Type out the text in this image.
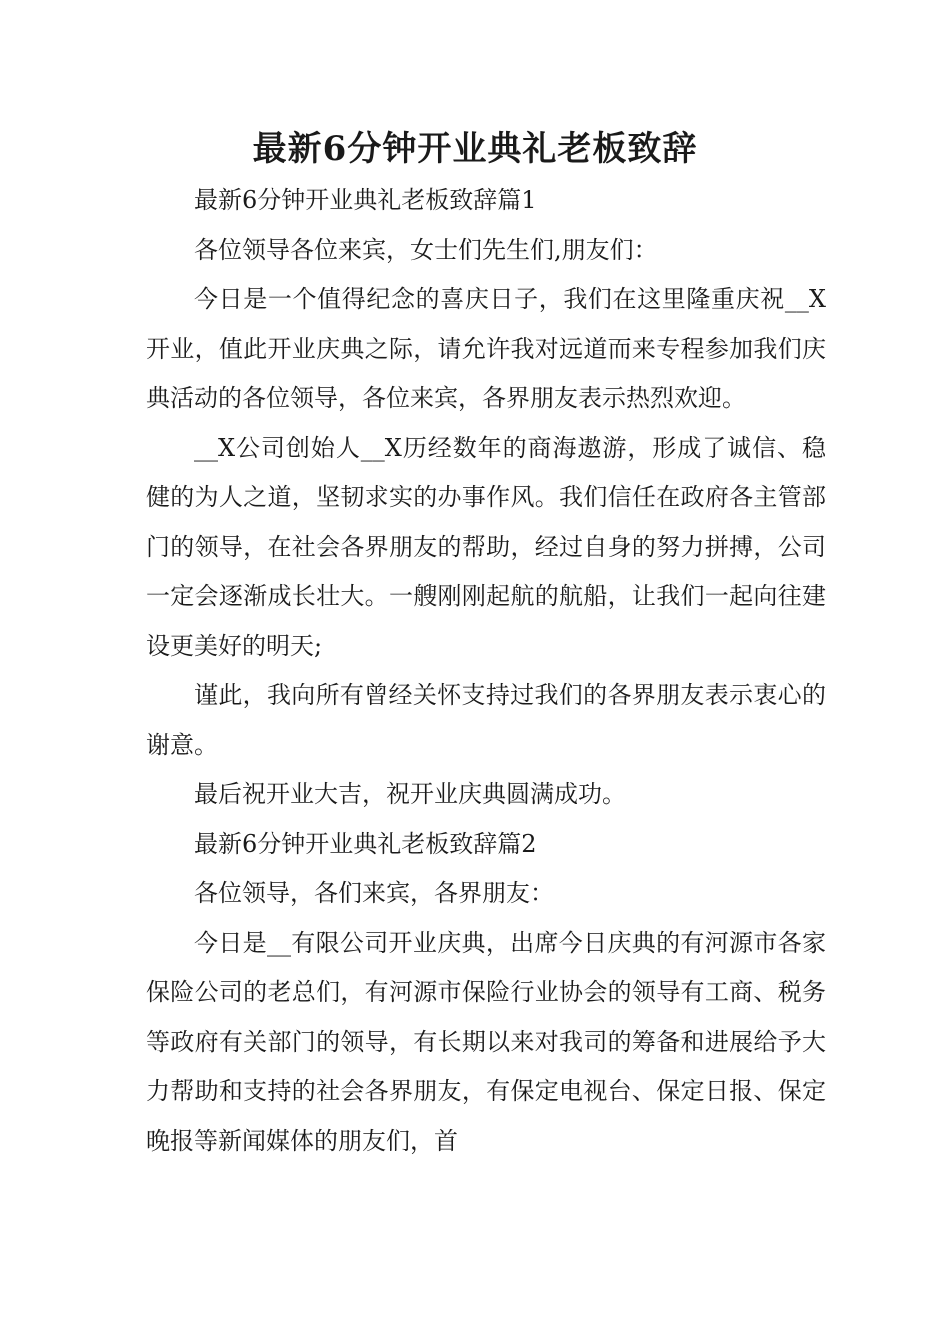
最新6分钟开业典礼老板致辞

最新6分钟开业典礼老板致辞篇1

各位领导各位来宾，女士们先生们,朋友们：

今日是一个值得纪念的喜庆日子，我们在这里隆重庆祝__X开业，值此开业庆典之际，请允许我对远道而来专程参加我们庆典活动的各位领导，各位来宾，各界朋友表示热烈欢迎。

__X公司创始人__X历经数年的商海遨游，形成了诚信、稳健的为人之道，坚韧求实的办事作风。我们信任在政府各主管部门的领导，在社会各界朋友的帮助，经过自身的努力拼搏，公司一定会逐渐成长壮大。一艘刚刚起航的航船，让我们一起向往建设更美好的明天;

谨此，我向所有曾经关怀支持过我们的各界朋友表示衷心的谢意。

最后祝开业大吉，祝开业庆典圆满成功。

最新6分钟开业典礼老板致辞篇2

各位领导，各们来宾，各界朋友：

今日是__有限公司开业庆典，出席今日庆典的有河源市各家保险公司的老总们，有河源市保险行业协会的领导有工商、税务等政府有关部门的领导，有长期以来对我司的筹备和进展给予大力帮助和支持的社会各界朋友，有保定电视台、保定日报、保定晚报等新闻媒体的朋友们，首
